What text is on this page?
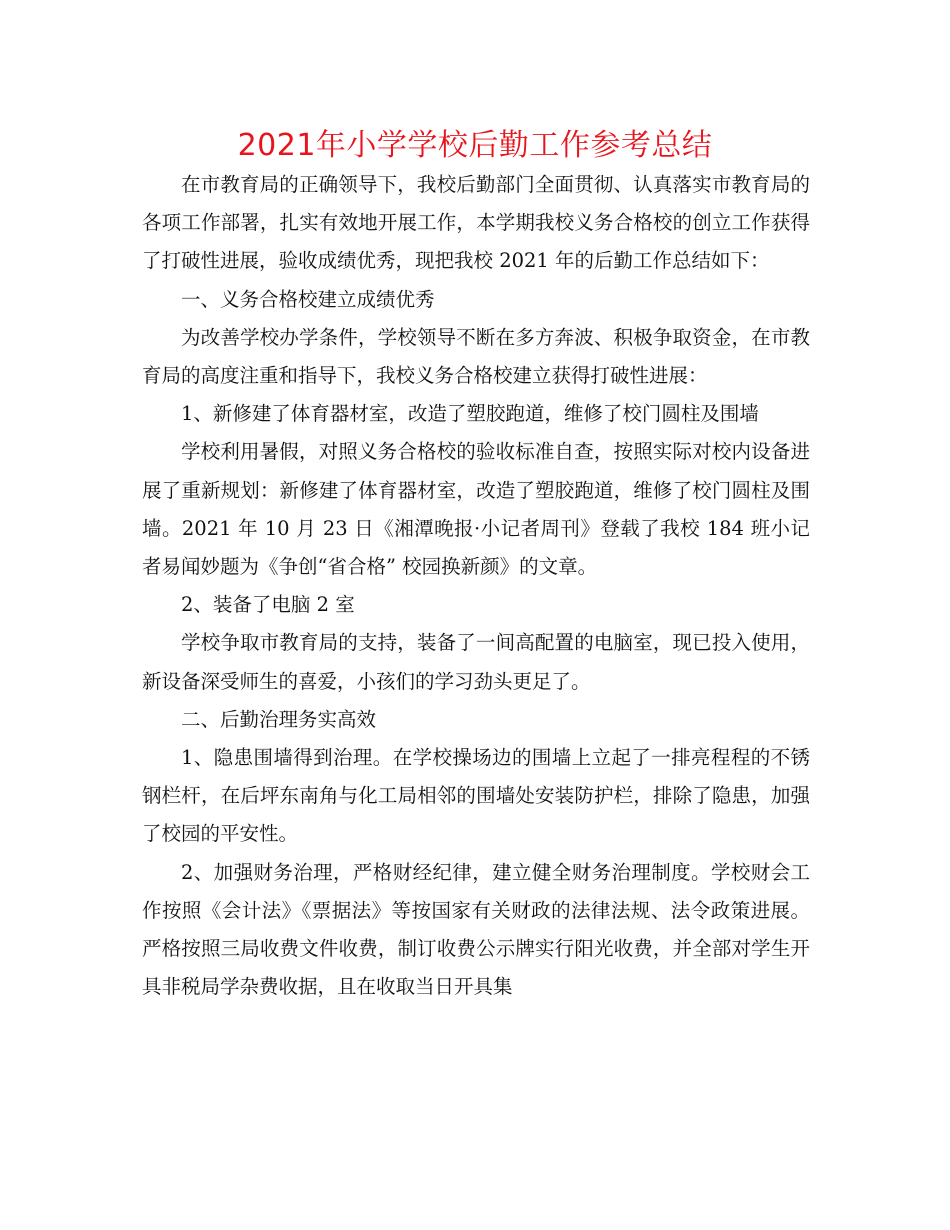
2021年小学学校后勤工作参考总结

在市教育局的正确领导下，我校后勤部门全面贯彻、认真落实市教育局的各项工作部署，扎实有效地开展工作，本学期我校义务合格校的创立工作获得了打破性进展，验收成绩优秀，现把我校 2021 年的后勤工作总结如下：

一、义务合格校建立成绩优秀

为改善学校办学条件，学校领导不断在多方奔波、积极争取资金，在市教育局的高度注重和指导下，我校义务合格校建立获得打破性进展：

1、新修建了体育器材室，改造了塑胶跑道，维修了校门圆柱及围墙

学校利用暑假，对照义务合格校的验收标准自查，按照实际对校内设备进展了重新规划：新修建了体育器材室，改造了塑胶跑道，维修了校门圆柱及围墙。2021 年 10 月 23 日《湘潭晚报·小记者周刊》登载了我校 184 班小记者易闻妙题为《争创“省合格” 校园换新颜》的文章。

2、装备了电脑 2 室

学校争取市教育局的支持，装备了一间高配置的电脑室，现已投入使用，新设备深受师生的喜爱，小孩们的学习劲头更足了。

二、后勤治理务实高效

1、隐患围墙得到治理。在学校操场边的围墙上立起了一排亮程程的不锈钢栏杆，在后坪东南角与化工局相邻的围墙处安装防护栏，排除了隐患，加强了校园的平安性。

2、加强财务治理，严格财经纪律，建立健全财务治理制度。学校财会工作按照《会计法》《票据法》等按国家有关财政的法律法规、法令政策进展。严格按照三局收费文件收费，制订收费公示牌实行阳光收费，并全部对学生开具非税局学杂费收据，且在收取当日开具集
